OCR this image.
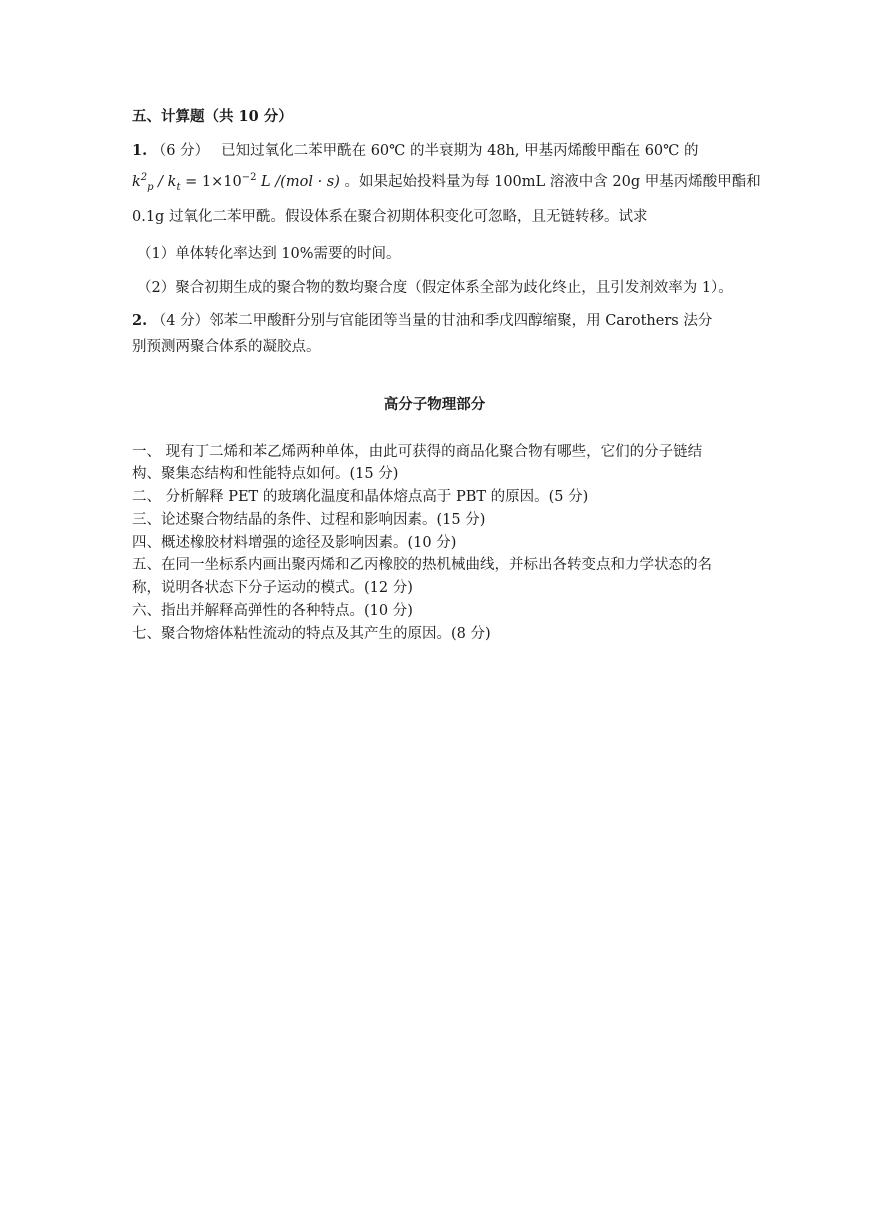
五、计算题（共 10 分）
1. （6 分） 已知过氧化二苯甲酰在 60℃ 的半衰期为 48h, 甲基丙烯酸甲酯在 60℃ 的
$k^2_p / k_t = 1\times 10^{-2}$ L /(mol · s) 。如果起始投料量为每 100mL 溶液中含 20g 甲基丙烯酸甲酯和
0.1g 过氧化二苯甲酰。假设体系在聚合初期体积变化可忽略，且无链转移。试求
（1）单体转化率达到 10%需要的时间。
（2）聚合初期生成的聚合物的数均聚合度（假定体系全部为歧化终止，且引发剂效率为 1）。
2. （4 分）邻苯二甲酸酐分别与官能团等当量的甘油和季戊四醇缩聚，用 Carothers 法分
别预测两聚合体系的凝胶点。
高分子物理部分
一、 现有丁二烯和苯乙烯两种单体，由此可获得的商品化聚合物有哪些，它们的分子链结
构、聚集态结构和性能特点如何。(15 分)
二、 分析解释 PET 的玻璃化温度和晶体熔点高于 PBT 的原因。(5 分)
三、论述聚合物结晶的条件、过程和影响因素。(15 分)
四、概述橡胶材料增强的途径及影响因素。(10 分)
五、在同一坐标系内画出聚丙烯和乙丙橡胶的热机械曲线，并标出各转变点和力学状态的名
称，说明各状态下分子运动的模式。(12 分)
六、指出并解释高弹性的各种特点。(10 分)
七、聚合物熔体粘性流动的特点及其产生的原因。(8 分)
